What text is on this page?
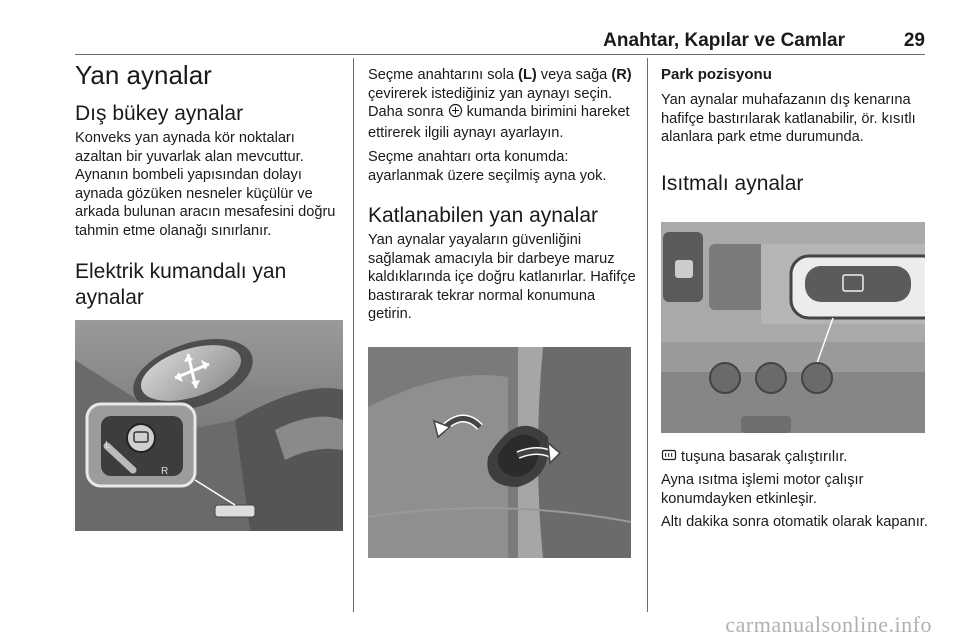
Anahtar, Kapılar ve Camlar	29
Yan aynalar
Dış bükey aynalar

Konveks yan aynada kör noktaları azaltan bir yuvarlak alan mevcuttur. Aynanın bombeli yapısından dolayı aynada gözüken nesneler küçülür ve arkada bulunan aracın mesafesini doğru tahmin etme olanağı sınırlanır.

Elektrik kumandalı yan
aynalar
L
R

Seçme anahtarını sola (L) veya sağa (R) çevirerek istediğiniz yan aynayı seçin. Daha sonra  kumanda birimini hareket ettirerek ilgili aynayı ayarlayın.

Seçme anahtarı orta konumda: ayarlanmak üzere seçilmiş ayna yok.

Katlanabilen yan aynalar

Yan aynalar yayaların güvenliğini sağlamak amacıyla bir darbeye maruz kaldıklarında içe doğru katlanırlar. Hafifçe bastırarak tekrar normal konumuna getirin.

Park pozisyonu

Yan aynalar muhafazanın dış kenarına hafifçe bastırılarak katlanabilir, ör. kısıtlı alanlara park etme durumunda.

Isıtmalı aynalar

tuşuna basarak çalıştırılır.

Ayna ısıtma işlemi motor çalışır konumdayken etkinleşir.

Altı dakika sonra otomatik olarak kapanır.

carmanualsonline.info
